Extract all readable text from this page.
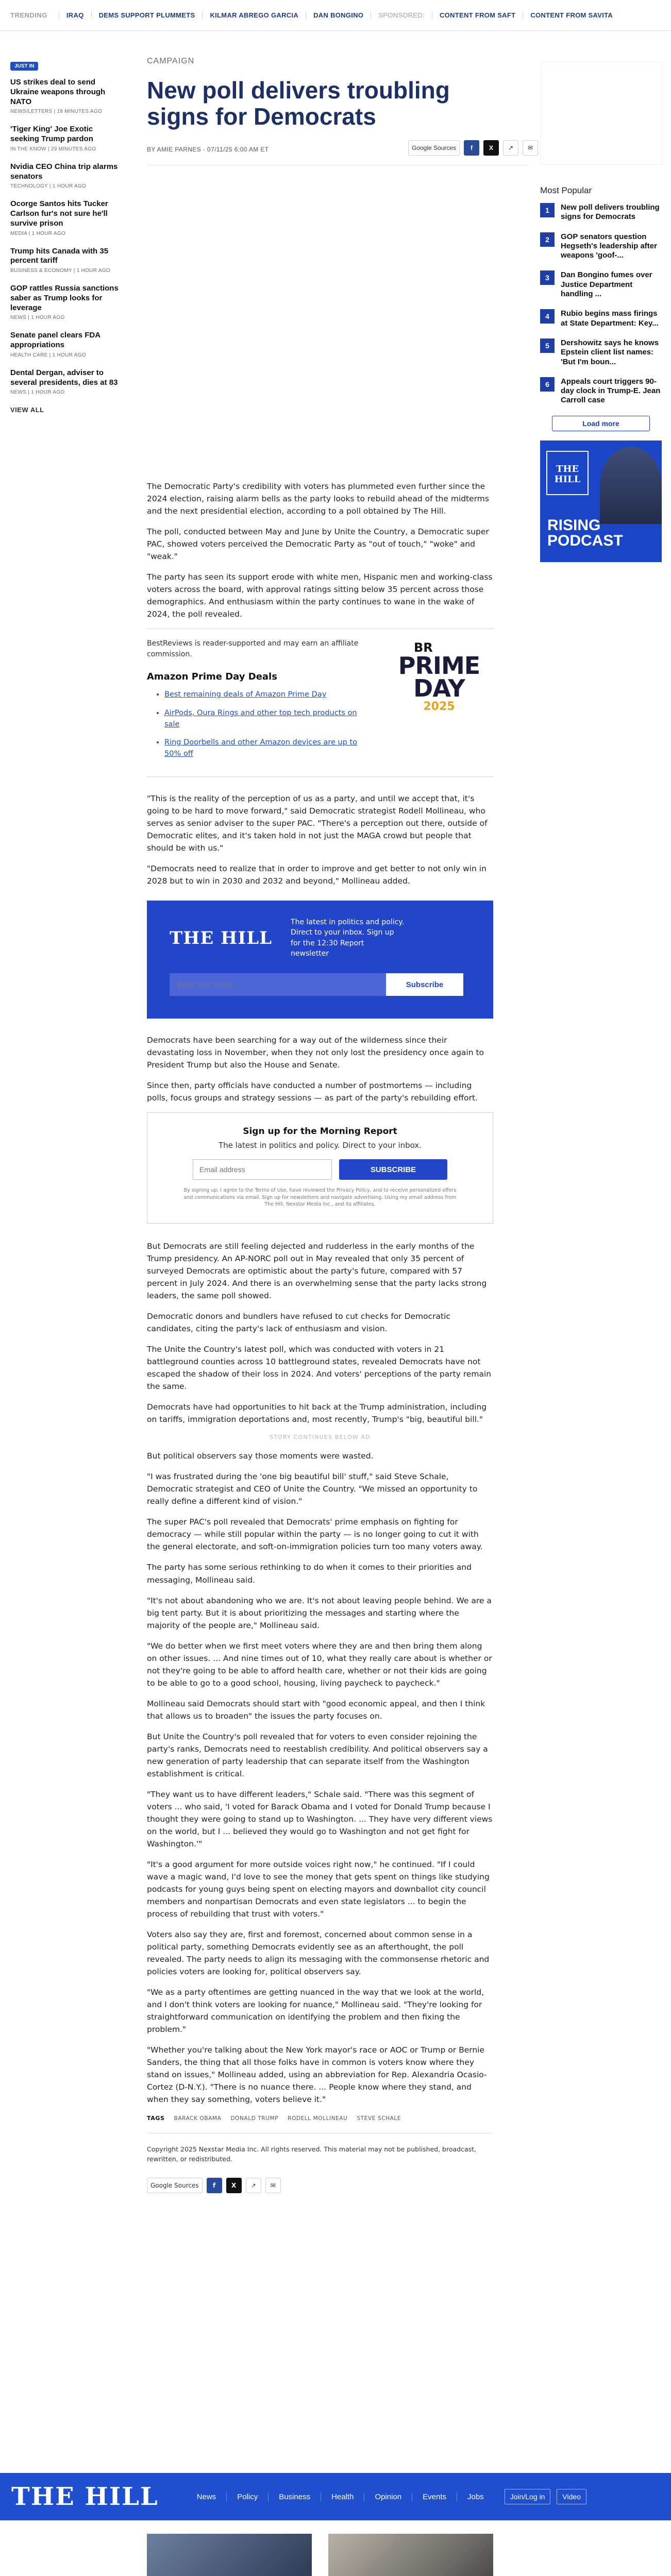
TRENDING	IRAQ	DEMS SUPPORT PLUMMETS	KILMAR ABREGO GARCIA	DAN BONGINO	SPONSORED:	CONTENT FROM SAFT	CONTENT FROM SAVITA
JUST IN
US strikes deal to send Ukraine weapons through NATO
NEWS/LETTERS | 18 MINUTES AGO
'Tiger King' Joe Exotic seeking Trump pardon
IN THE KNOW | 29 MINUTES AGO
Nvidia CEO China trip alarms senators
TECHNOLOGY | 1 HOUR AGO
Ocorge Santos hits Tucker Carlson fur's not sure he'll survive prison
MEDIA | 1 HOUR AGO
Trump hits Canada with 35 percent tariff
BUSINESS & ECONOMY | 1 HOUR AGO
GOP rattles Russia sanctions saber as Trump looks for leverage
NEWS | 1 HOUR AGO
Senate panel clears FDA appropriations
HEALTH CARE | 1 HOUR AGO
Dental Dergan, adviser to several presidents, dies at 83
NEWS | 1 HOUR AGO
VIEW ALL
CAMPAIGN
New poll delivers troubling signs for Democrats
BY AMIE PARNES - 07/11/25 6:00 AM ET	Google Sources	f	X	↗	✉

The Democratic Party's credibility with voters has plummeted even further since the 2024 election, raising alarm bells as the party looks to rebuild ahead of the midterms and the next presidential election, according to a poll obtained by The Hill.

The poll, conducted between May and June by Unite the Country, a Democratic super PAC, showed voters perceived the Democratic Party as "out of touch," "woke" and "weak."

The party has seen its support erode with white men, Hispanic men and working-class voters across the board, with approval ratings sitting below 35 percent across those demographics. And enthusiasm within the party continues to wane in the wake of 2024, the poll revealed.

BestReviews is reader-supported and may earn an affiliate commission.
Amazon Prime Day Deals
• Best remaining deals of Amazon Prime Day
• AirPods, Oura Rings and other top tech products on sale
• Ring Doorbells and other Amazon devices are up to 50% off
BR
PRIME DAY
2025

"This is the reality of the perception of us as a party, and until we accept that, it's going to be hard to move forward," said Democratic strategist Rodell Mollineau, who serves as senior adviser to the super PAC. "There's a perception out there, outside of Democratic elites, and it's taken hold in not just the MAGA crowd but people that should be with us."

"Democrats need to realize that in order to improve and get better to not only win in 2028 but to win in 2030 and 2032 and beyond," Mollineau added.

THE HILL
The latest in politics and policy. Direct to your inbox. Sign up for the 12:30 Report newsletter
Enter Your Email
Subscribe

Democrats have been searching for a way out of the wilderness since their devastating loss in November, when they not only lost the presidency once again to President Trump but also the House and Senate.

Since then, party officials have conducted a number of postmortems — including polls, focus groups and strategy sessions — as part of the party's rebuilding effort.

Sign up for the Morning Report
The latest in politics and policy. Direct to your inbox.
Email address
SUBSCRIBE
By signing up, I agree to the Terms of Use, have reviewed the Privacy Policy, and to receive personalized offers and communications via email. Sign up for newsletters and navigate advertising. Using my email address from The Hill, Nexstar Media Inc., and its affiliates.

But Democrats are still feeling dejected and rudderless in the early months of the Trump presidency. An AP-NORC poll out in May revealed that only 35 percent of surveyed Democrats are optimistic about the party's future, compared with 57 percent in July 2024. And there is an overwhelming sense that the party lacks strong leaders, the same poll showed.

Democratic donors and bundlers have refused to cut checks for Democratic candidates, citing the party's lack of enthusiasm and vision.

The Unite the Country's latest poll, which was conducted with voters in 21 battleground counties across 10 battleground states, revealed Democrats have not escaped the shadow of their loss in 2024. And voters' perceptions of the party remain the same.

Democrats have had opportunities to hit back at the Trump administration, including on tariffs, immigration deportations and, most recently, Trump's "big, beautiful bill."

STORY CONTINUES BELOW AD

But political observers say those moments were wasted.

"I was frustrated during the 'one big beautiful bill' stuff," said Steve Schale, Democratic strategist and CEO of Unite the Country. "We missed an opportunity to really define a different kind of vision."

The super PAC's poll revealed that Democrats' prime emphasis on fighting for democracy — while still popular within the party — is no longer going to cut it with the general electorate, and soft-on-immigration policies turn too many voters away.

The party has some serious rethinking to do when it comes to their priorities and messaging, Mollineau said.

"It's not about abandoning who we are. It's not about leaving people behind. We are a big tent party. But it is about prioritizing the messages and starting where the majority of the people are," Mollineau said.

"We do better when we first meet voters where they are and then bring them along on other issues. ... And nine times out of 10, what they really care about is whether or not they're going to be able to afford health care, whether or not their kids are going to be able to go to a good school, housing, living paycheck to paycheck."

Mollineau said Democrats should start with "good economic appeal, and then I think that allows us to broaden" the issues the party focuses on.

But Unite the Country's poll revealed that for voters to even consider rejoining the party's ranks, Democrats need to reestablish credibility. And political observers say a new generation of party leadership that can separate itself from the Washington establishment is critical.

"They want us to have different leaders," Schale said. "There was this segment of voters ... who said, 'I voted for Barack Obama and I voted for Donald Trump because I thought they were going to stand up to Washington. ... They have very different views on the world, but I ... believed they would go to Washington and not get fight for Washington.'"

"It's a good argument for more outside voices right now," he continued. "If I could wave a magic wand, I'd love to see the money that gets spent on things like studying podcasts for young guys being spent on electing mayors and downballot city council members and nonpartisan Democrats and even state legislators ... to begin the process of rebuilding that trust with voters."

Voters also say they are, first and foremost, concerned about common sense in a political party, something Democrats evidently see as an afterthought, the poll revealed. The party needs to align its messaging with the commonsense rhetoric and policies voters are looking for, political observers say.

"We as a party oftentimes are getting nuanced in the way that we look at the world, and I don't think voters are looking for nuance," Mollineau said. "They're looking for straightforward communication on identifying the problem and then fixing the problem."

"Whether you're talking about the New York mayor's race or AOC or Trump or Bernie Sanders, the thing that all those folks have in common is voters know where they stand on issues," Mollineau added, using an abbreviation for Rep. Alexandria Ocasio-Cortez (D-N.Y.). "There is no nuance there. ... People know where they stand, and when they say something, voters believe it."

TAGS BARACK OBAMA DONALD TRUMP RODELL MOLLINEAU STEVE SCHALE
Copyright 2025 Nexstar Media Inc. All rights reserved. This material may not be published, broadcast, rewritten, or redistributed.
Google Sources	f	X	↗	✉
Most Popular
1	New poll delivers troubling signs for Democrats
2	GOP senators question Hegseth's leadership after weapons 'goof-...
3	Dan Bongino fumes over Justice Department handling ...
4	Rubio begins mass firings at State Department: Key...
5	Dershowitz says he knows Epstein client list names: 'But I'm boun...
6	Appeals court triggers 90-day clock in Trump-E. Jean Carroll case
Load more
THE HILL
RISING PODCAST
THE HILL	News	Policy	Business	Health	Opinion	Events	Jobs	Join/Log in	Video
